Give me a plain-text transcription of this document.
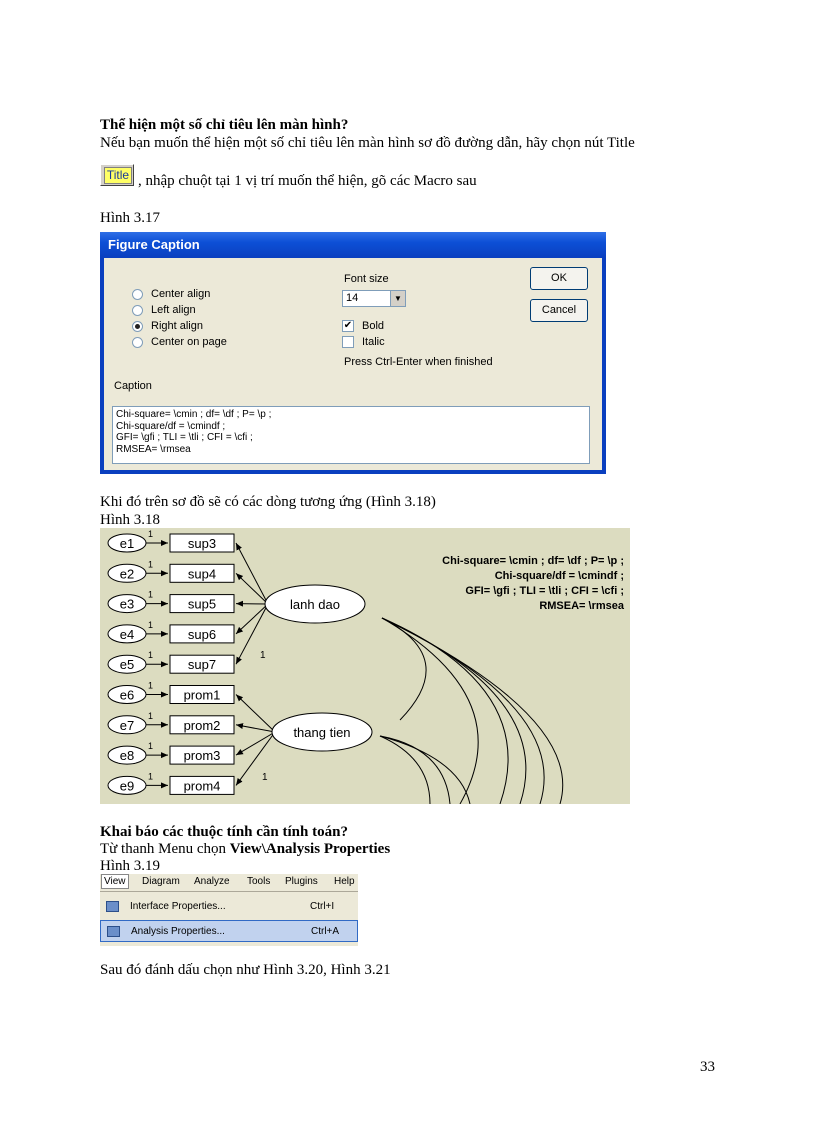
Thể hiện một số chỉ tiêu lên màn hình?
Nếu bạn muốn thể hiện một số chỉ tiêu lên màn hình sơ đồ đường dẫn, hãy chọn nút Title
Title , nhập chuột tại 1 vị trí muốn thể hiện, gõ các Macro sau
Hình 3.17
Figure Caption
Center align
Left align
Right align
Center on page
Font size
14	▼
✔ Bold
Italic
Press Ctrl-Enter when finished
OK
Cancel
Caption
Chi-square= \cmin ; df= \df ; P= \p ;
Chi-square/df = \cmindf ;
GFI= \gfi ; TLI = \tli ; CFI = \cfi ;
RMSEA= \rmsea
Khi đó trên sơ đồ sẽ có các dòng tương ứng (Hình 3.18)
Hình 3.18
e1
1
sup3
e2
1
sup4
e3
1
sup5
e4
1
sup6
e5
1
sup7
e6
1
prom1
e7
1
prom2
e8
1
prom3
e9
1
prom4
lanh dao
thang tien
1
1
Chi-square= \cmin ; df= \df ; P= \p ;
Chi-square/df = \cmindf ;
GFI= \gfi ; TLI = \tli ; CFI = \cfi ;
RMSEA= \rmsea
Khai báo các thuộc tính cần tính toán?
Từ thanh Menu chọn View\Analysis Properties
Hình 3.19
View	Diagram Analyze Tools Plugins Help
Interface Properties...	Ctrl+I
Analysis Properties...	Ctrl+A
Sau đó đánh dấu chọn như Hình 3.20, Hình 3.21
33
